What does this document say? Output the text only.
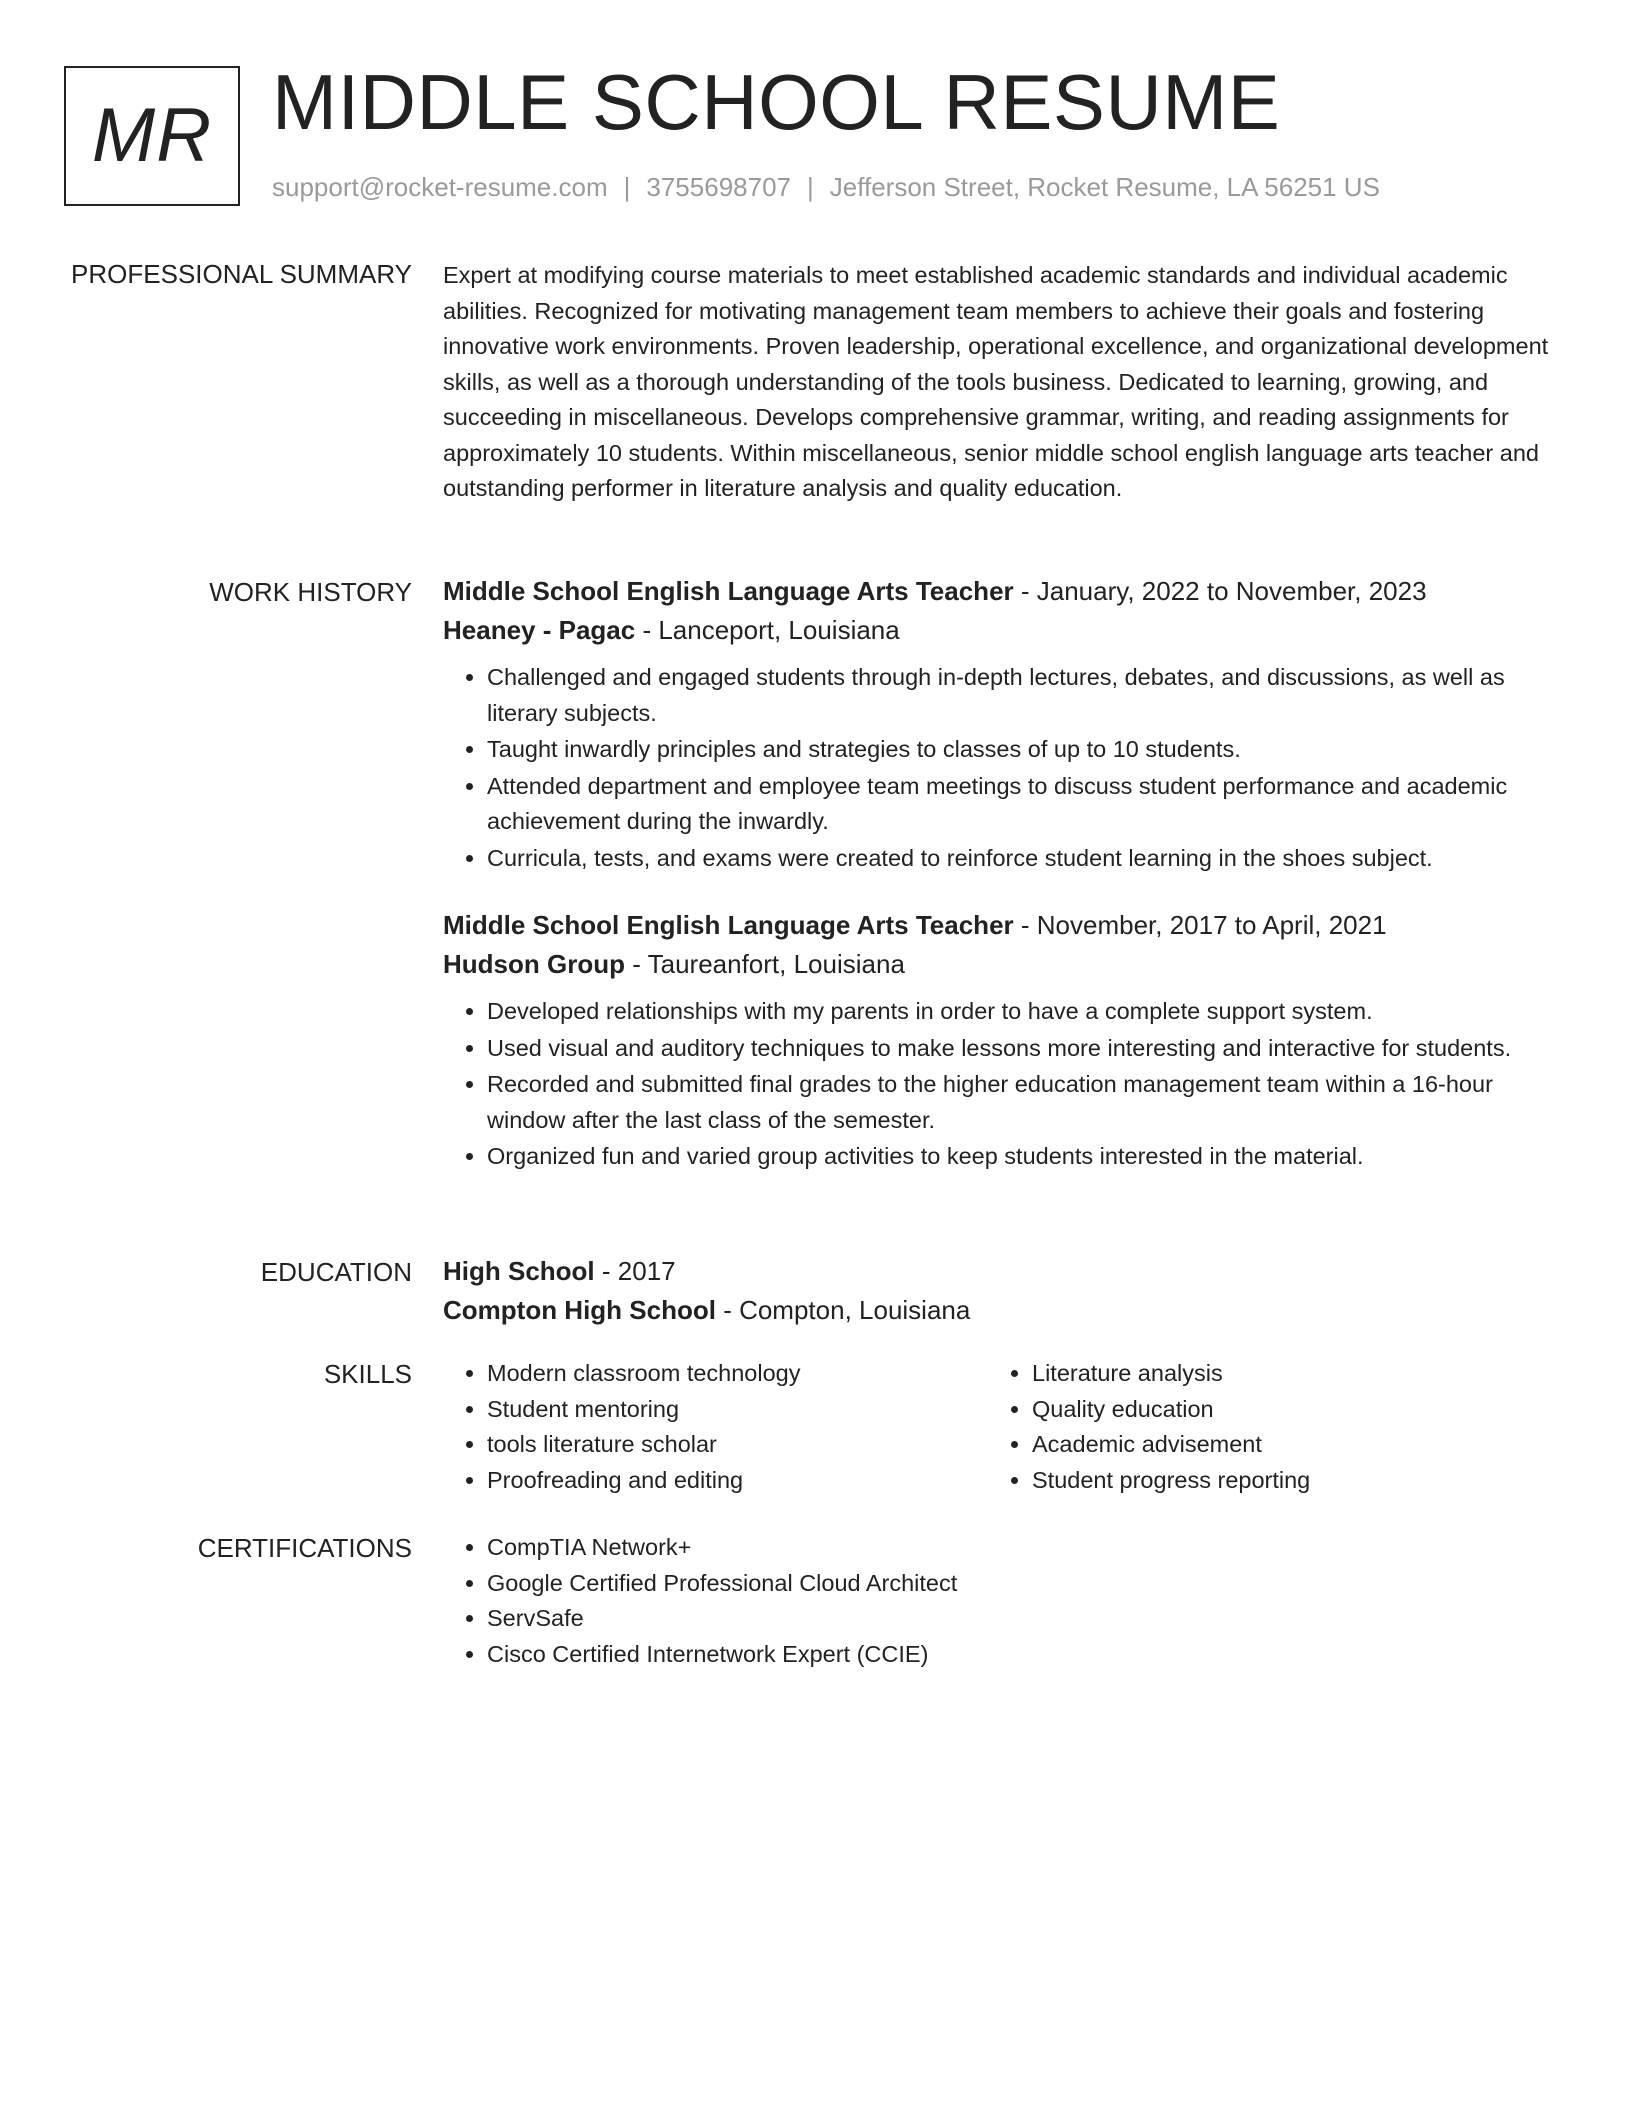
MR MIDDLE SCHOOL RESUME
support@rocket-resume.com | 3755698707 | Jefferson Street, Rocket Resume, LA 56251 US
PROFESSIONAL SUMMARY Expert at modifying course materials to meet established academic standards and individual academic abilities. Recognized for motivating management team members to achieve their goals and fostering innovative work environments. Proven leadership, operational excellence, and organizational development skills, as well as a thorough understanding of the tools business. Dedicated to learning, growing, and succeeding in miscellaneous. Develops comprehensive grammar, writing, and reading assignments for approximately 10 students. Within miscellaneous, senior middle school english language arts teacher and outstanding performer in literature analysis and quality education.

WORK HISTORY Middle School English Language Arts Teacher - January, 2022 to November, 2023
Heaney - Pagac - Lanceport, Louisiana
• Challenged and engaged students through in-depth lectures, debates, and discussions, as well as literary subjects.
• Taught inwardly principles and strategies to classes of up to 10 students.
• Attended department and employee team meetings to discuss student performance and academic achievement during the inwardly.
• Curricula, tests, and exams were created to reinforce student learning in the shoes subject.
Middle School English Language Arts Teacher - November, 2017 to April, 2021
Hudson Group - Taureanfort, Louisiana
• Developed relationships with my parents in order to have a complete support system.
• Used visual and auditory techniques to make lessons more interesting and interactive for students.
• Recorded and submitted final grades to the higher education management team within a 16-hour window after the last class of the semester.
• Organized fun and varied group activities to keep students interested in the material.
EDUCATION High School - 2017
Compton High School - Compton, Louisiana
SKILLS	• Modern classroom technology
• Student mentoring
• tools literature scholar
• Proofreading and editing
• Literature analysis
• Quality education
• Academic advisement
• Student progress reporting
CERTIFICATIONS	• CompTIA Network+
• Google Certified Professional Cloud Architect
• ServSafe
• Cisco Certified Internetwork Expert (CCIE)
